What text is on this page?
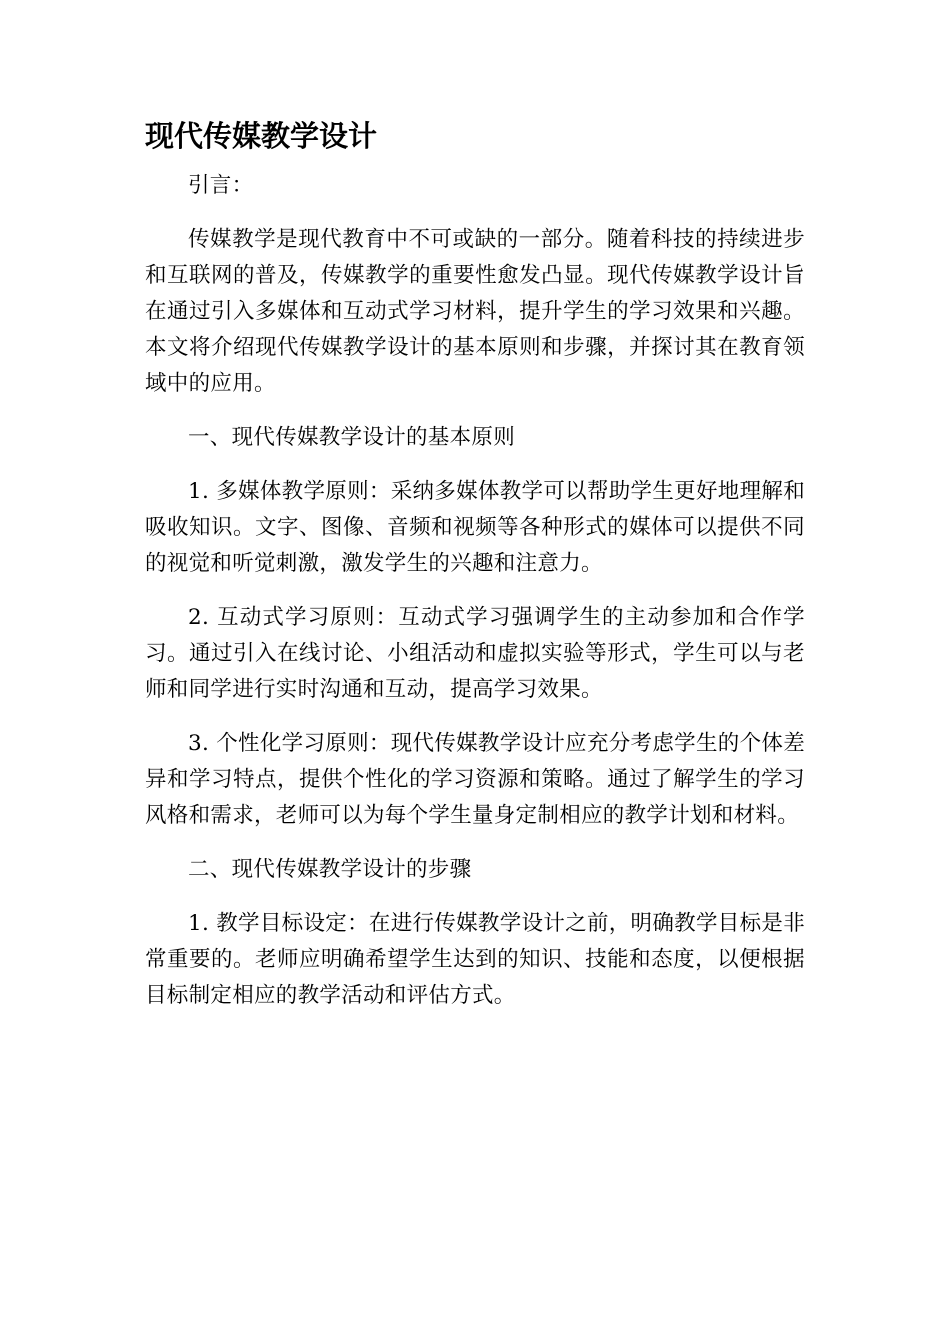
现代传媒教学设计

引言：

传媒教学是现代教育中不可或缺的一部分。随着科技的持续进步和互联网的普及，传媒教学的重要性愈发凸显。现代传媒教学设计旨在通过引入多媒体和互动式学习材料，提升学生的学习效果和兴趣。本文将介绍现代传媒教学设计的基本原则和步骤，并探讨其在教育领域中的应用。

一、现代传媒教学设计的基本原则

1. 多媒体教学原则：采纳多媒体教学可以帮助学生更好地理解和吸收知识。文字、图像、音频和视频等各种形式的媒体可以提供不同的视觉和听觉刺激，激发学生的兴趣和注意力。

2. 互动式学习原则：互动式学习强调学生的主动参加和合作学习。通过引入在线讨论、小组活动和虚拟实验等形式，学生可以与老师和同学进行实时沟通和互动，提高学习效果。

3. 个性化学习原则：现代传媒教学设计应充分考虑学生的个体差异和学习特点，提供个性化的学习资源和策略。通过了解学生的学习风格和需求，老师可以为每个学生量身定制相应的教学计划和材料。

二、现代传媒教学设计的步骤

1. 教学目标设定：在进行传媒教学设计之前，明确教学目标是非常重要的。老师应明确希望学生达到的知识、技能和态度，以便根据目标制定相应的教学活动和评估方式。
